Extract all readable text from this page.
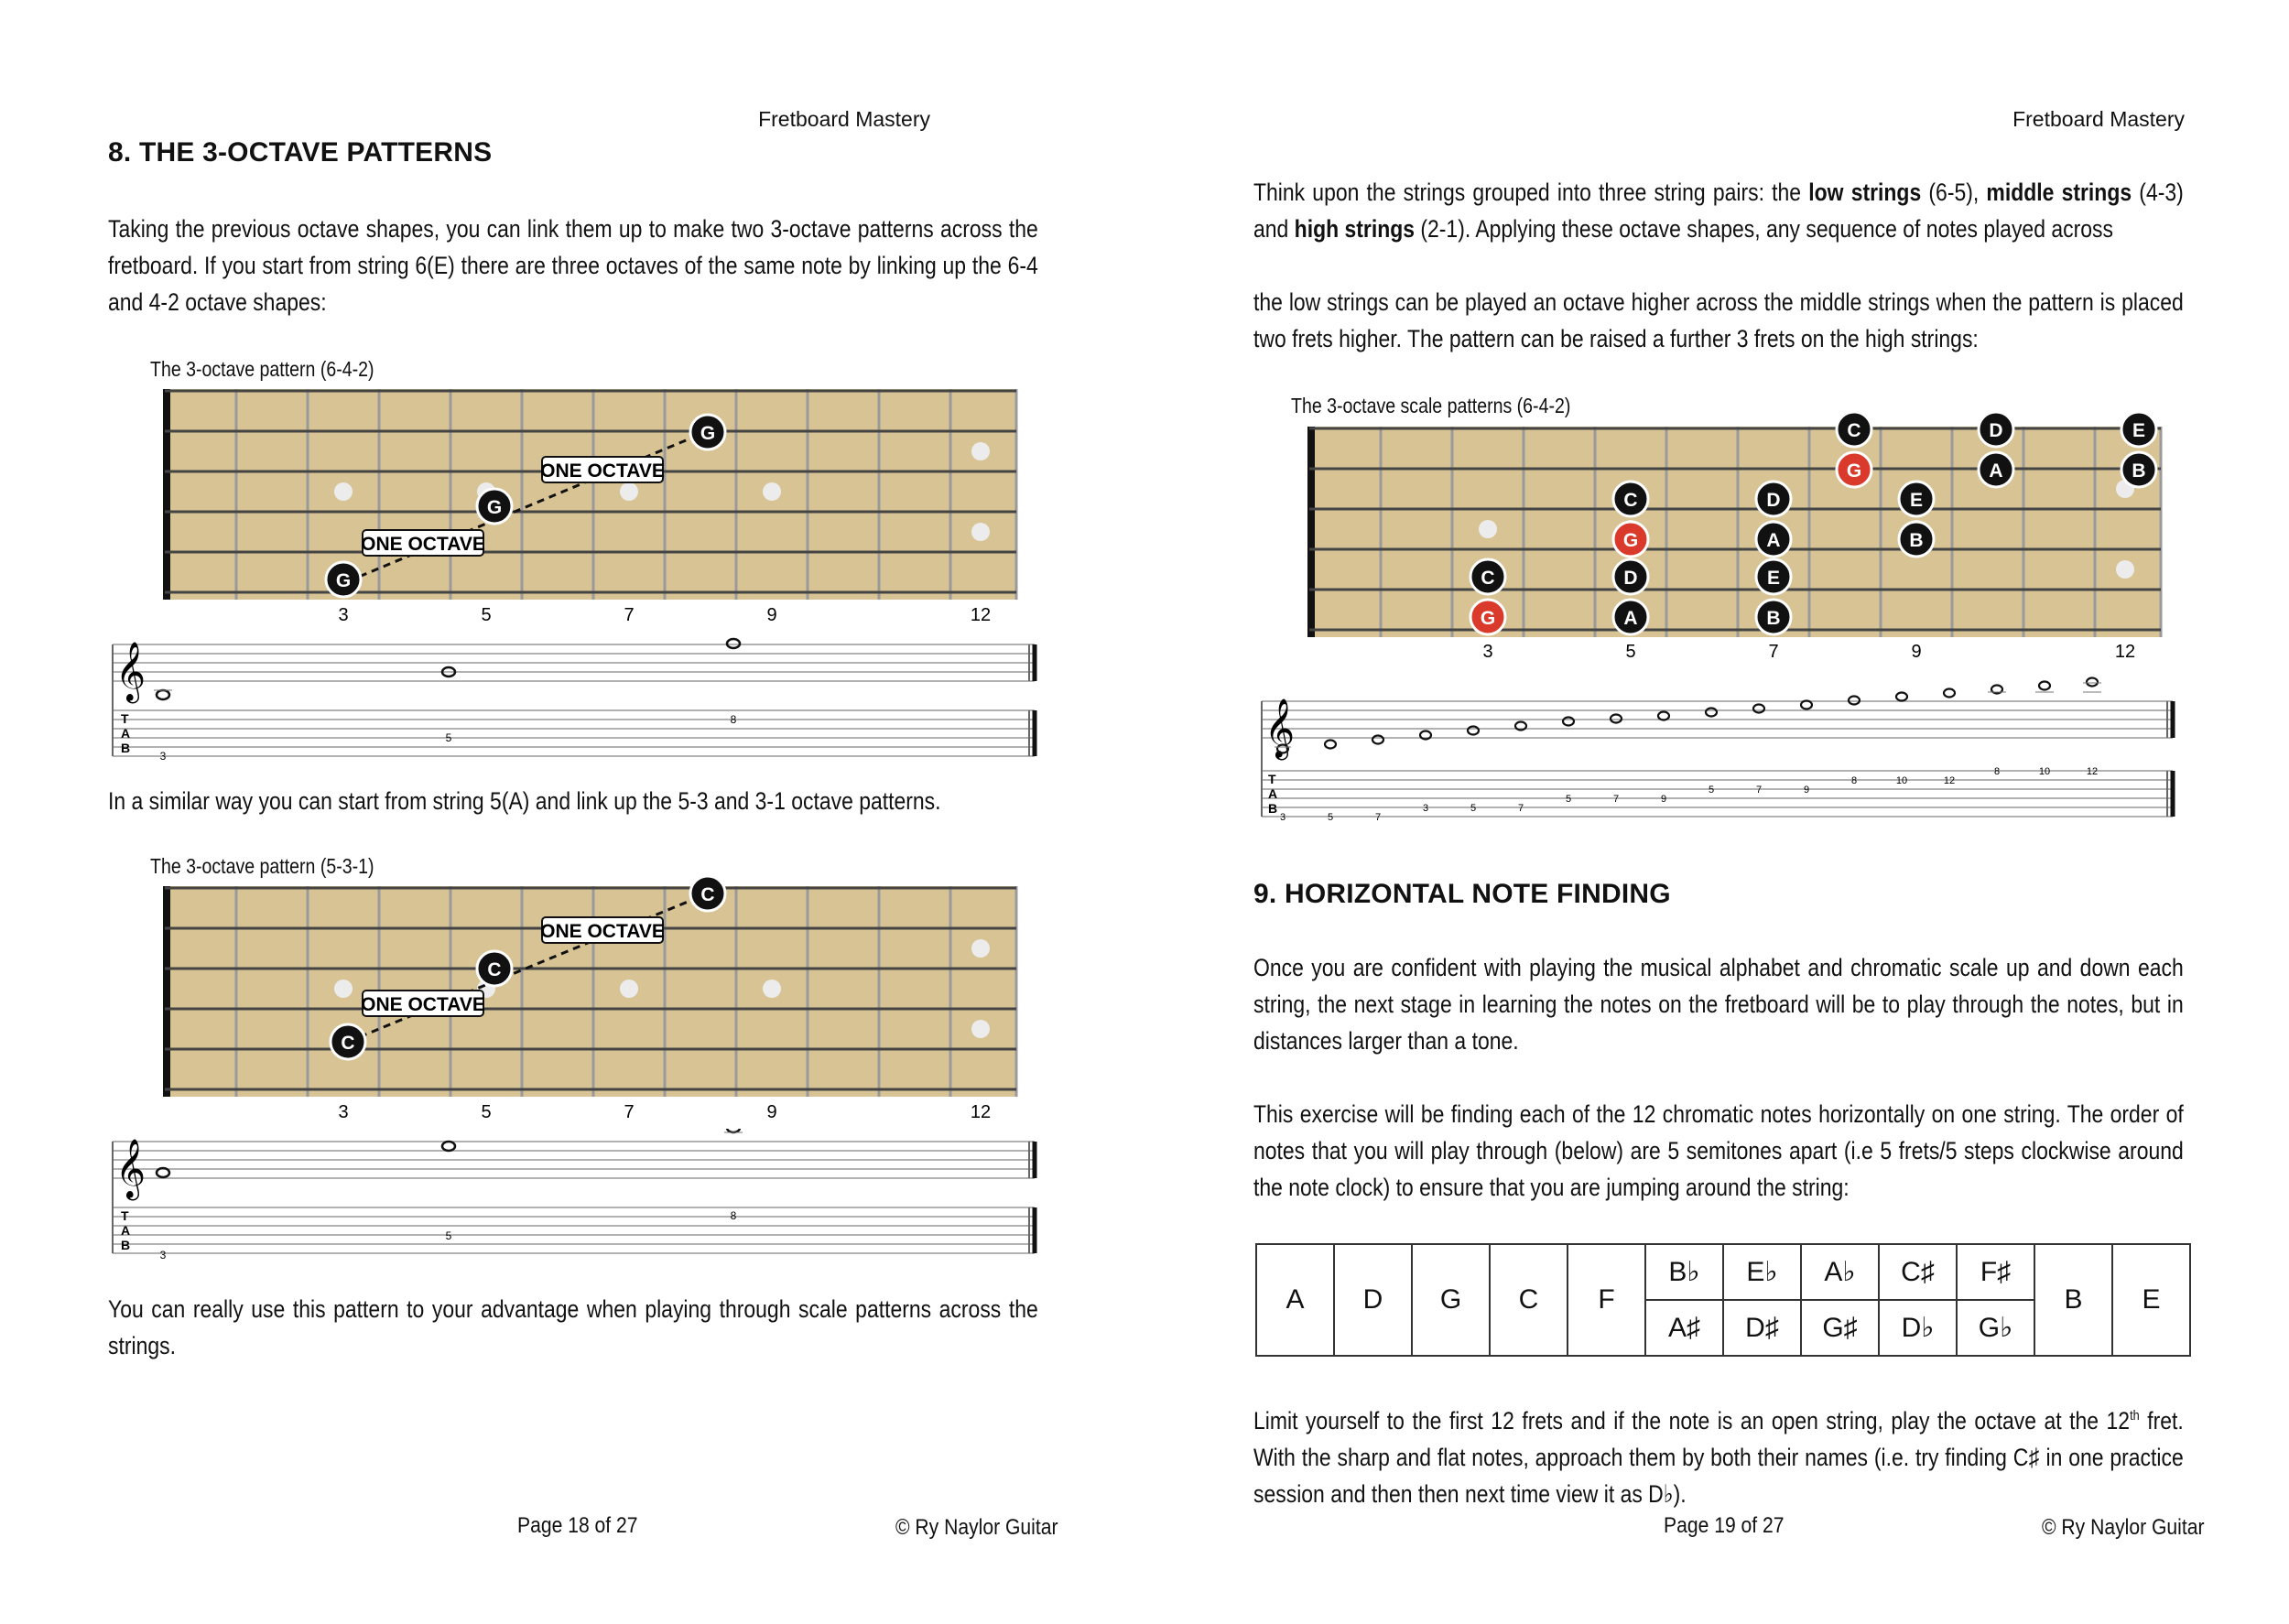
Fretboard Mastery
8. THE 3-OCTAVE PATTERNS
Taking the previous octave shapes, you can link them up to make two 3-octave patterns across the fretboard. If you start from string 6(E) there are three octaves of the same note by linking up the 6-4 and 4-2 octave shapes:
The 3-octave pattern (6-4-2)
ONE OCTAVE
ONE OCTAVE
G
G
G
3	5	7	9	12
𝄞
T
A
B
3
5
8
In a similar way you can start from string 5(A) and link up the 5-3 and 3-1 octave patterns.
The 3-octave pattern (5-3-1)
ONE OCTAVE
ONE OCTAVE
C
C
C
3	5	7	9	12
𝄞
T
A
B
3
5
8
You can really use this pattern to your advantage when playing through scale patterns across the strings.
Page 18 of 27	© Ry Naylor Guitar
Fretboard Mastery
Think upon the strings grouped into three string pairs: the low strings (6-5), middle strings (4-3) and high strings (2-1). Applying these octave shapes, any sequence of notes played across
the low strings can be played an octave higher across the middle strings when the pattern is placed two frets higher. The pattern can be raised a further 3 frets on the high strings:
The 3-octave scale patterns (6-4-2)
G	A	B
C	D	E
G	A	B
C	D	E
G	A	B
C	D	E
3	5	7	9	12
𝄞
T
A
B
3	5	7
3	5	7
5	7	9
5	7	9
8	10	12
8	10	12
9. HORIZONTAL NOTE FINDING
Once you are confident with playing the musical alphabet and chromatic scale up and down each string, the next stage in learning the notes on the fretboard will be to play through the notes, but in distances larger than a tone.
This exercise will be finding each of the 12 chromatic notes horizontally on one string. The order of notes that you will play through (below) are 5 semitones apart (i.e 5 frets/5 steps clockwise around the note clock) to ensure that you are jumping around the string:
A	D	G	C	F	B♭	E♭	A♭	C♯	F♯	B	E
					A♯	D♯	G♯	D♭	G♭		
Limit yourself to the first 12 frets and if the note is an open string, play the octave at the 12th fret. With the sharp and flat notes, approach them by both their names (i.e. try finding C♯ in one practice session and then then next time view it as D♭).
Page 19 of 27	© Ry Naylor Guitar
